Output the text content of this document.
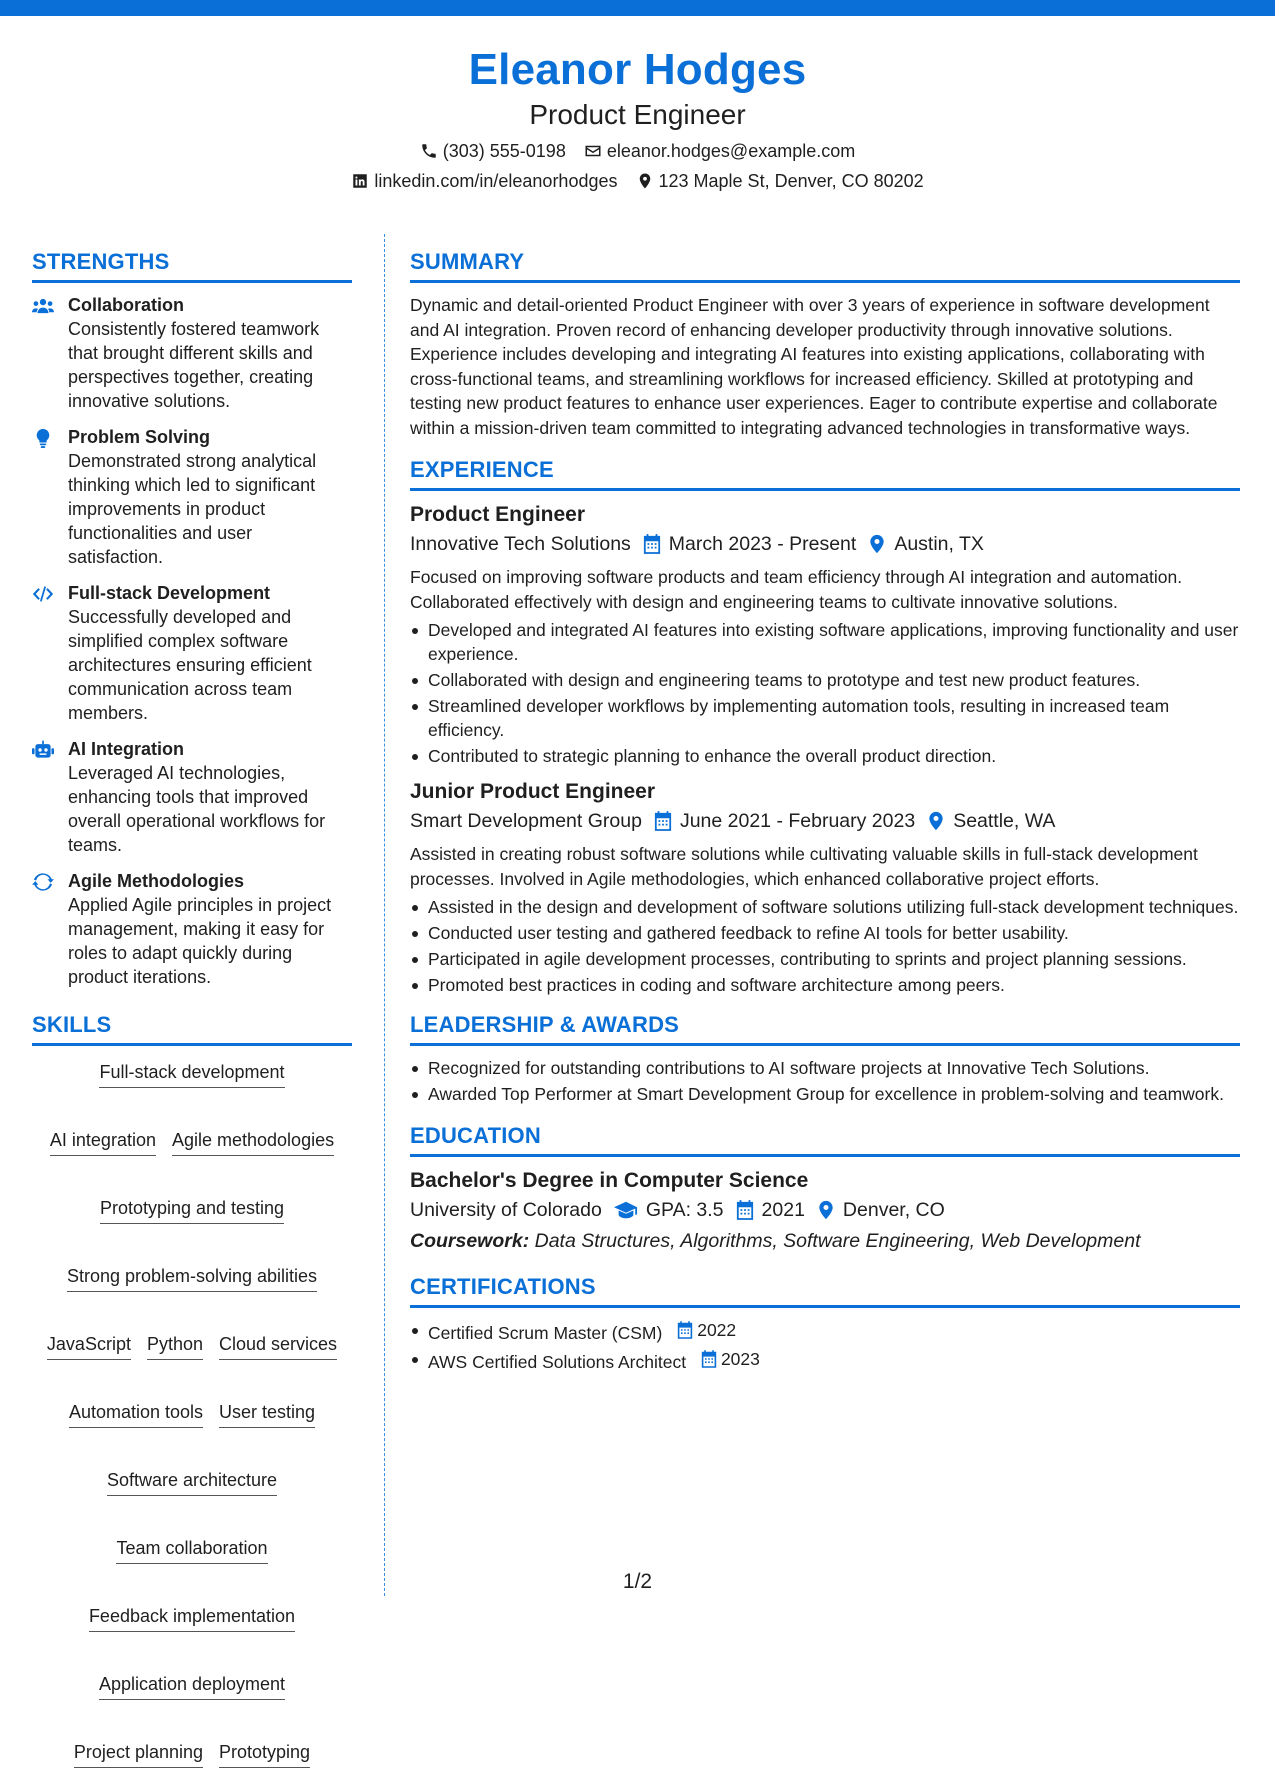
Eleanor Hodges
Product Engineer
(303) 555-0198 eleanor.hodges@example.com
linkedin.com/in/eleanorhodges 123 Maple St, Denver, CO 80202
STRENGTHS
Collaboration
Consistently fostered teamwork that brought different skills and perspectives together, creating innovative solutions.
Problem Solving
Demonstrated strong analytical thinking which led to significant improvements in product functionalities and user satisfaction.
Full-stack Development
Successfully developed and simplified complex software architectures ensuring efficient communication across team members.
AI Integration
Leveraged AI technologies, enhancing tools that improved overall operational workflows for teams.
Agile Methodologies
Applied Agile principles in project management, making it easy for roles to adapt quickly during product iterations.
SKILLS
Full-stack development
AI integration Agile methodologies
Prototyping and testing
Strong problem-solving abilities
JavaScript Python Cloud services
Automation tools User testing
Software architecture
Team collaboration
Feedback implementation
Application deployment
Project planning Prototyping
SUMMARY
Dynamic and detail-oriented Product Engineer with over 3 years of experience in software development and AI integration. Proven record of enhancing developer productivity through innovative solutions. Experience includes developing and integrating AI features into existing applications, collaborating with cross-functional teams, and streamlining workflows for increased efficiency. Skilled at prototyping and testing new product features to enhance user experiences. Eager to contribute expertise and collaborate within a mission-driven team committed to integrating advanced technologies in transformative ways.
EXPERIENCE
Product Engineer
Innovative Tech Solutions March 2023 - Present Austin, TX
Focused on improving software products and team efficiency through AI integration and automation. Collaborated effectively with design and engineering teams to cultivate innovative solutions.
Developed and integrated AI features into existing software applications, improving functionality and user experience.
Collaborated with design and engineering teams to prototype and test new product features.
Streamlined developer workflows by implementing automation tools, resulting in increased team efficiency.
Contributed to strategic planning to enhance the overall product direction.
Junior Product Engineer
Smart Development Group June 2021 - February 2023 Seattle, WA
Assisted in creating robust software solutions while cultivating valuable skills in full-stack development processes. Involved in Agile methodologies, which enhanced collaborative project efforts.
Assisted in the design and development of software solutions utilizing full-stack development techniques.
Conducted user testing and gathered feedback to refine AI tools for better usability.
Participated in agile development processes, contributing to sprints and project planning sessions.
Promoted best practices in coding and software architecture among peers.
LEADERSHIP & AWARDS
Recognized for outstanding contributions to AI software projects at Innovative Tech Solutions.
Awarded Top Performer at Smart Development Group for excellence in problem-solving and teamwork.
EDUCATION
Bachelor's Degree in Computer Science
University of Colorado GPA: 3.5 2021 Denver, CO
Coursework: Data Structures, Algorithms, Software Engineering, Web Development
CERTIFICATIONS
Certified Scrum Master (CSM) 2022
AWS Certified Solutions Architect 2023
1/2
